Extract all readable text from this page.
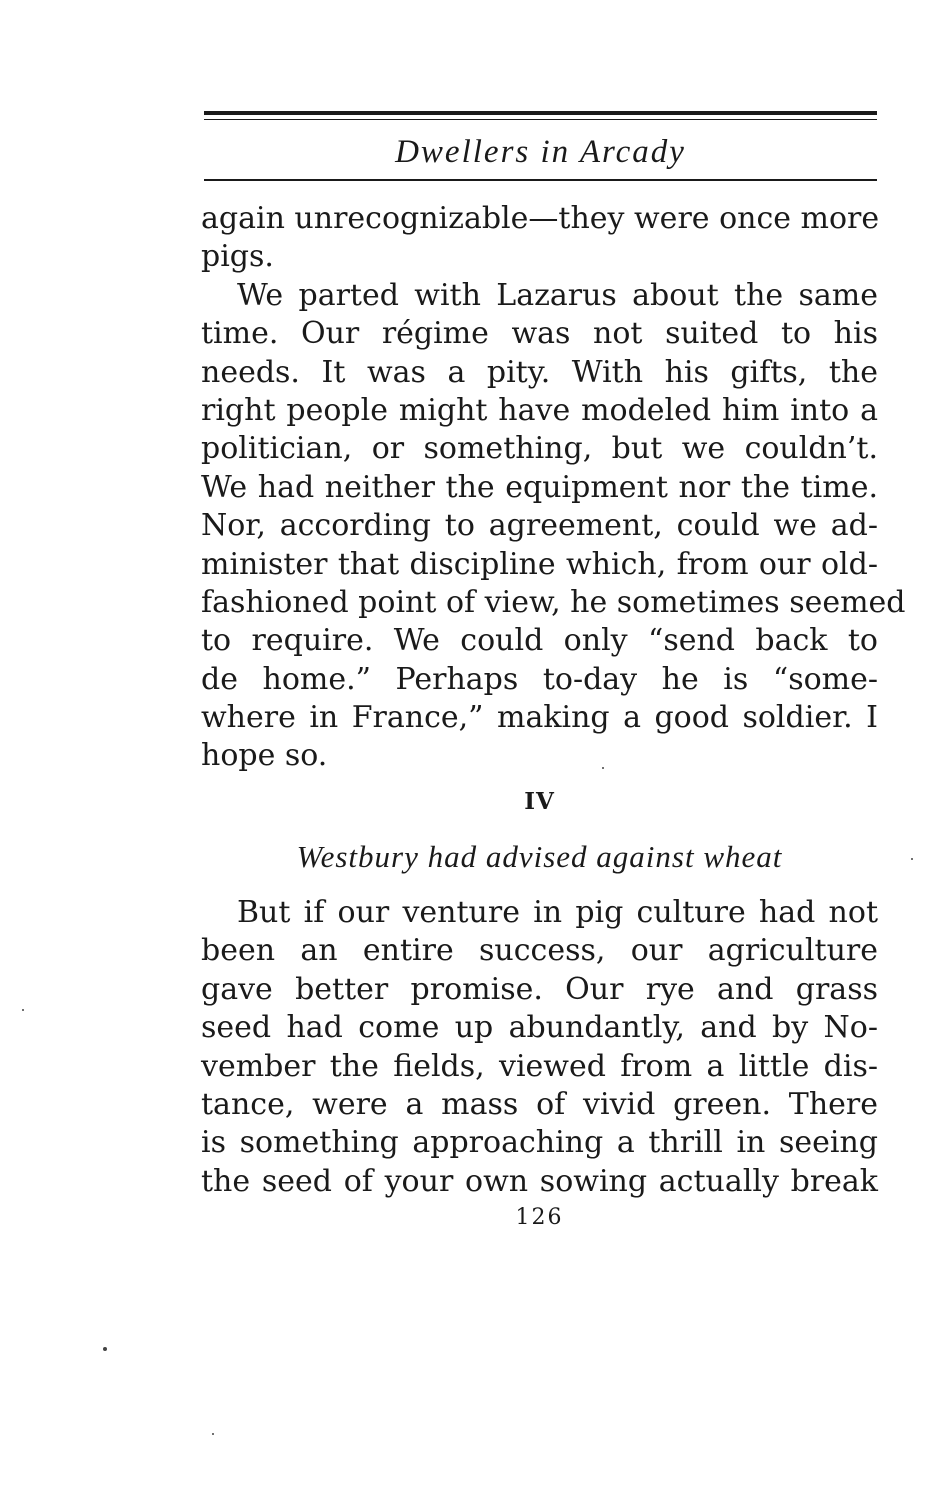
Dwellers in Arcady
again unrecognizable—they were once more
pigs.
We parted with Lazarus about the same
time. Our régime was not suited to his
needs. It was a pity. With his gifts, the
right people might have modeled him into a
politician, or something, but we couldn’t.
We had neither the equipment nor the time.
Nor, according to agreement, could we ad-
minister that discipline which, from our old-
fashioned point of view, he sometimes seemed
to require. We could only “send back to
de home.” Perhaps to-day he is “some-
where in France,” making a good soldier. I
hope so.
IV
Westbury had advised against wheat
But if our venture in pig culture had not
been an entire success, our agriculture
gave better promise. Our rye and grass
seed had come up abundantly, and by No-
vember the fields, viewed from a little dis-
tance, were a mass of vivid green. There
is something approaching a thrill in seeing
the seed of your own sowing actually break
126
